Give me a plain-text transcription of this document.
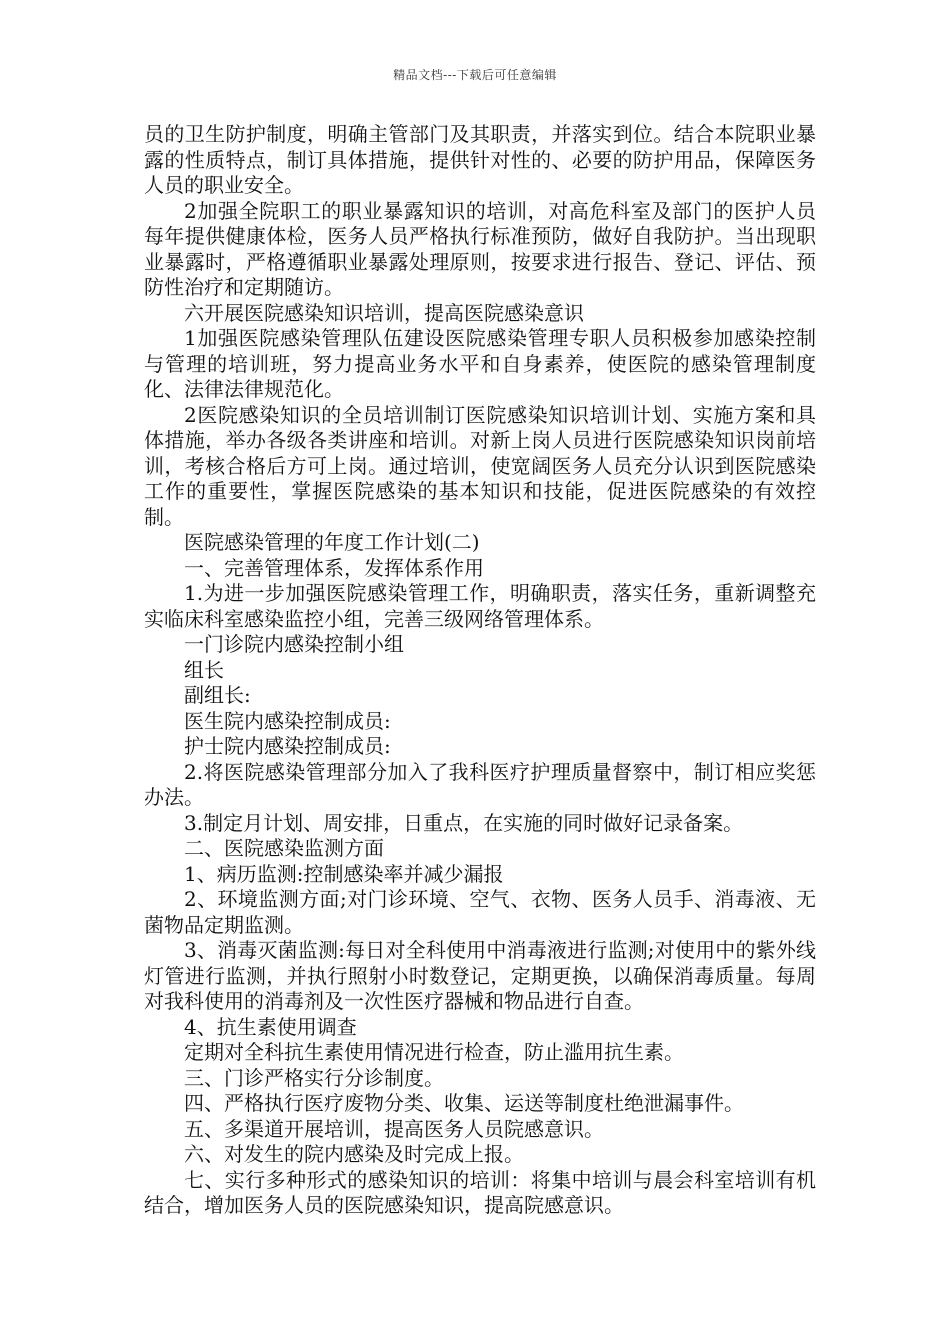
精品文档---下载后可任意编辑

员的卫生防护制度，明确主管部门及其职责，并落实到位。结合本院职业暴露的性质特点，制订具体措施，提供针对性的、必要的防护用品，保障医务人员的职业安全。

2加强全院职工的职业暴露知识的培训，对高危科室及部门的医护人员每年提供健康体检，医务人员严格执行标准预防，做好自我防护。当出现职业暴露时，严格遵循职业暴露处理原则，按要求进行报告、登记、评估、预防性治疗和定期随访。

六开展医院感染知识培训，提高医院感染意识

1加强医院感染管理队伍建设医院感染管理专职人员积极参加感染控制与管理的培训班，努力提高业务水平和自身素养，使医院的感染管理制度化、法律法律规范化。

2医院感染知识的全员培训制订医院感染知识培训计划、实施方案和具体措施，举办各级各类讲座和培训。对新上岗人员进行医院感染知识岗前培训，考核合格后方可上岗。通过培训，使宽阔医务人员充分认识到医院感染工作的重要性，掌握医院感染的基本知识和技能，促进医院感染的有效控制。

医院感染管理的年度工作计划(二)

一、完善管理体系，发挥体系作用

1.为进一步加强医院感染管理工作，明确职责，落实任务，重新调整充实临床科室感染监控小组，完善三级网络管理体系。

一门诊院内感染控制小组

组长

副组长:

医生院内感染控制成员:

护士院内感染控制成员:

2.将医院感染管理部分加入了我科医疗护理质量督察中，制订相应奖惩办法。

3.制定月计划、周安排，日重点，在实施的同时做好记录备案。

二、医院感染监测方面

1、病历监测:控制感染率并减少漏报

2、环境监测方面;对门诊环境、空气、衣物、医务人员手、消毒液、无菌物品定期监测。

3、消毒灭菌监测:每日对全科使用中消毒液进行监测;对使用中的紫外线灯管进行监测，并执行照射小时数登记，定期更换，以确保消毒质量。每周对我科使用的消毒剂及一次性医疗器械和物品进行自查。

4、抗生素使用调查

定期对全科抗生素使用情况进行检查，防止滥用抗生素。

三、门诊严格实行分诊制度。

四、严格执行医疗废物分类、收集、运送等制度杜绝泄漏事件。

五、多渠道开展培训，提高医务人员院感意识。

六、对发生的院内感染及时完成上报。

七、实行多种形式的感染知识的培训：将集中培训与晨会科室培训有机结合，增加医务人员的医院感染知识，提高院感意识。
